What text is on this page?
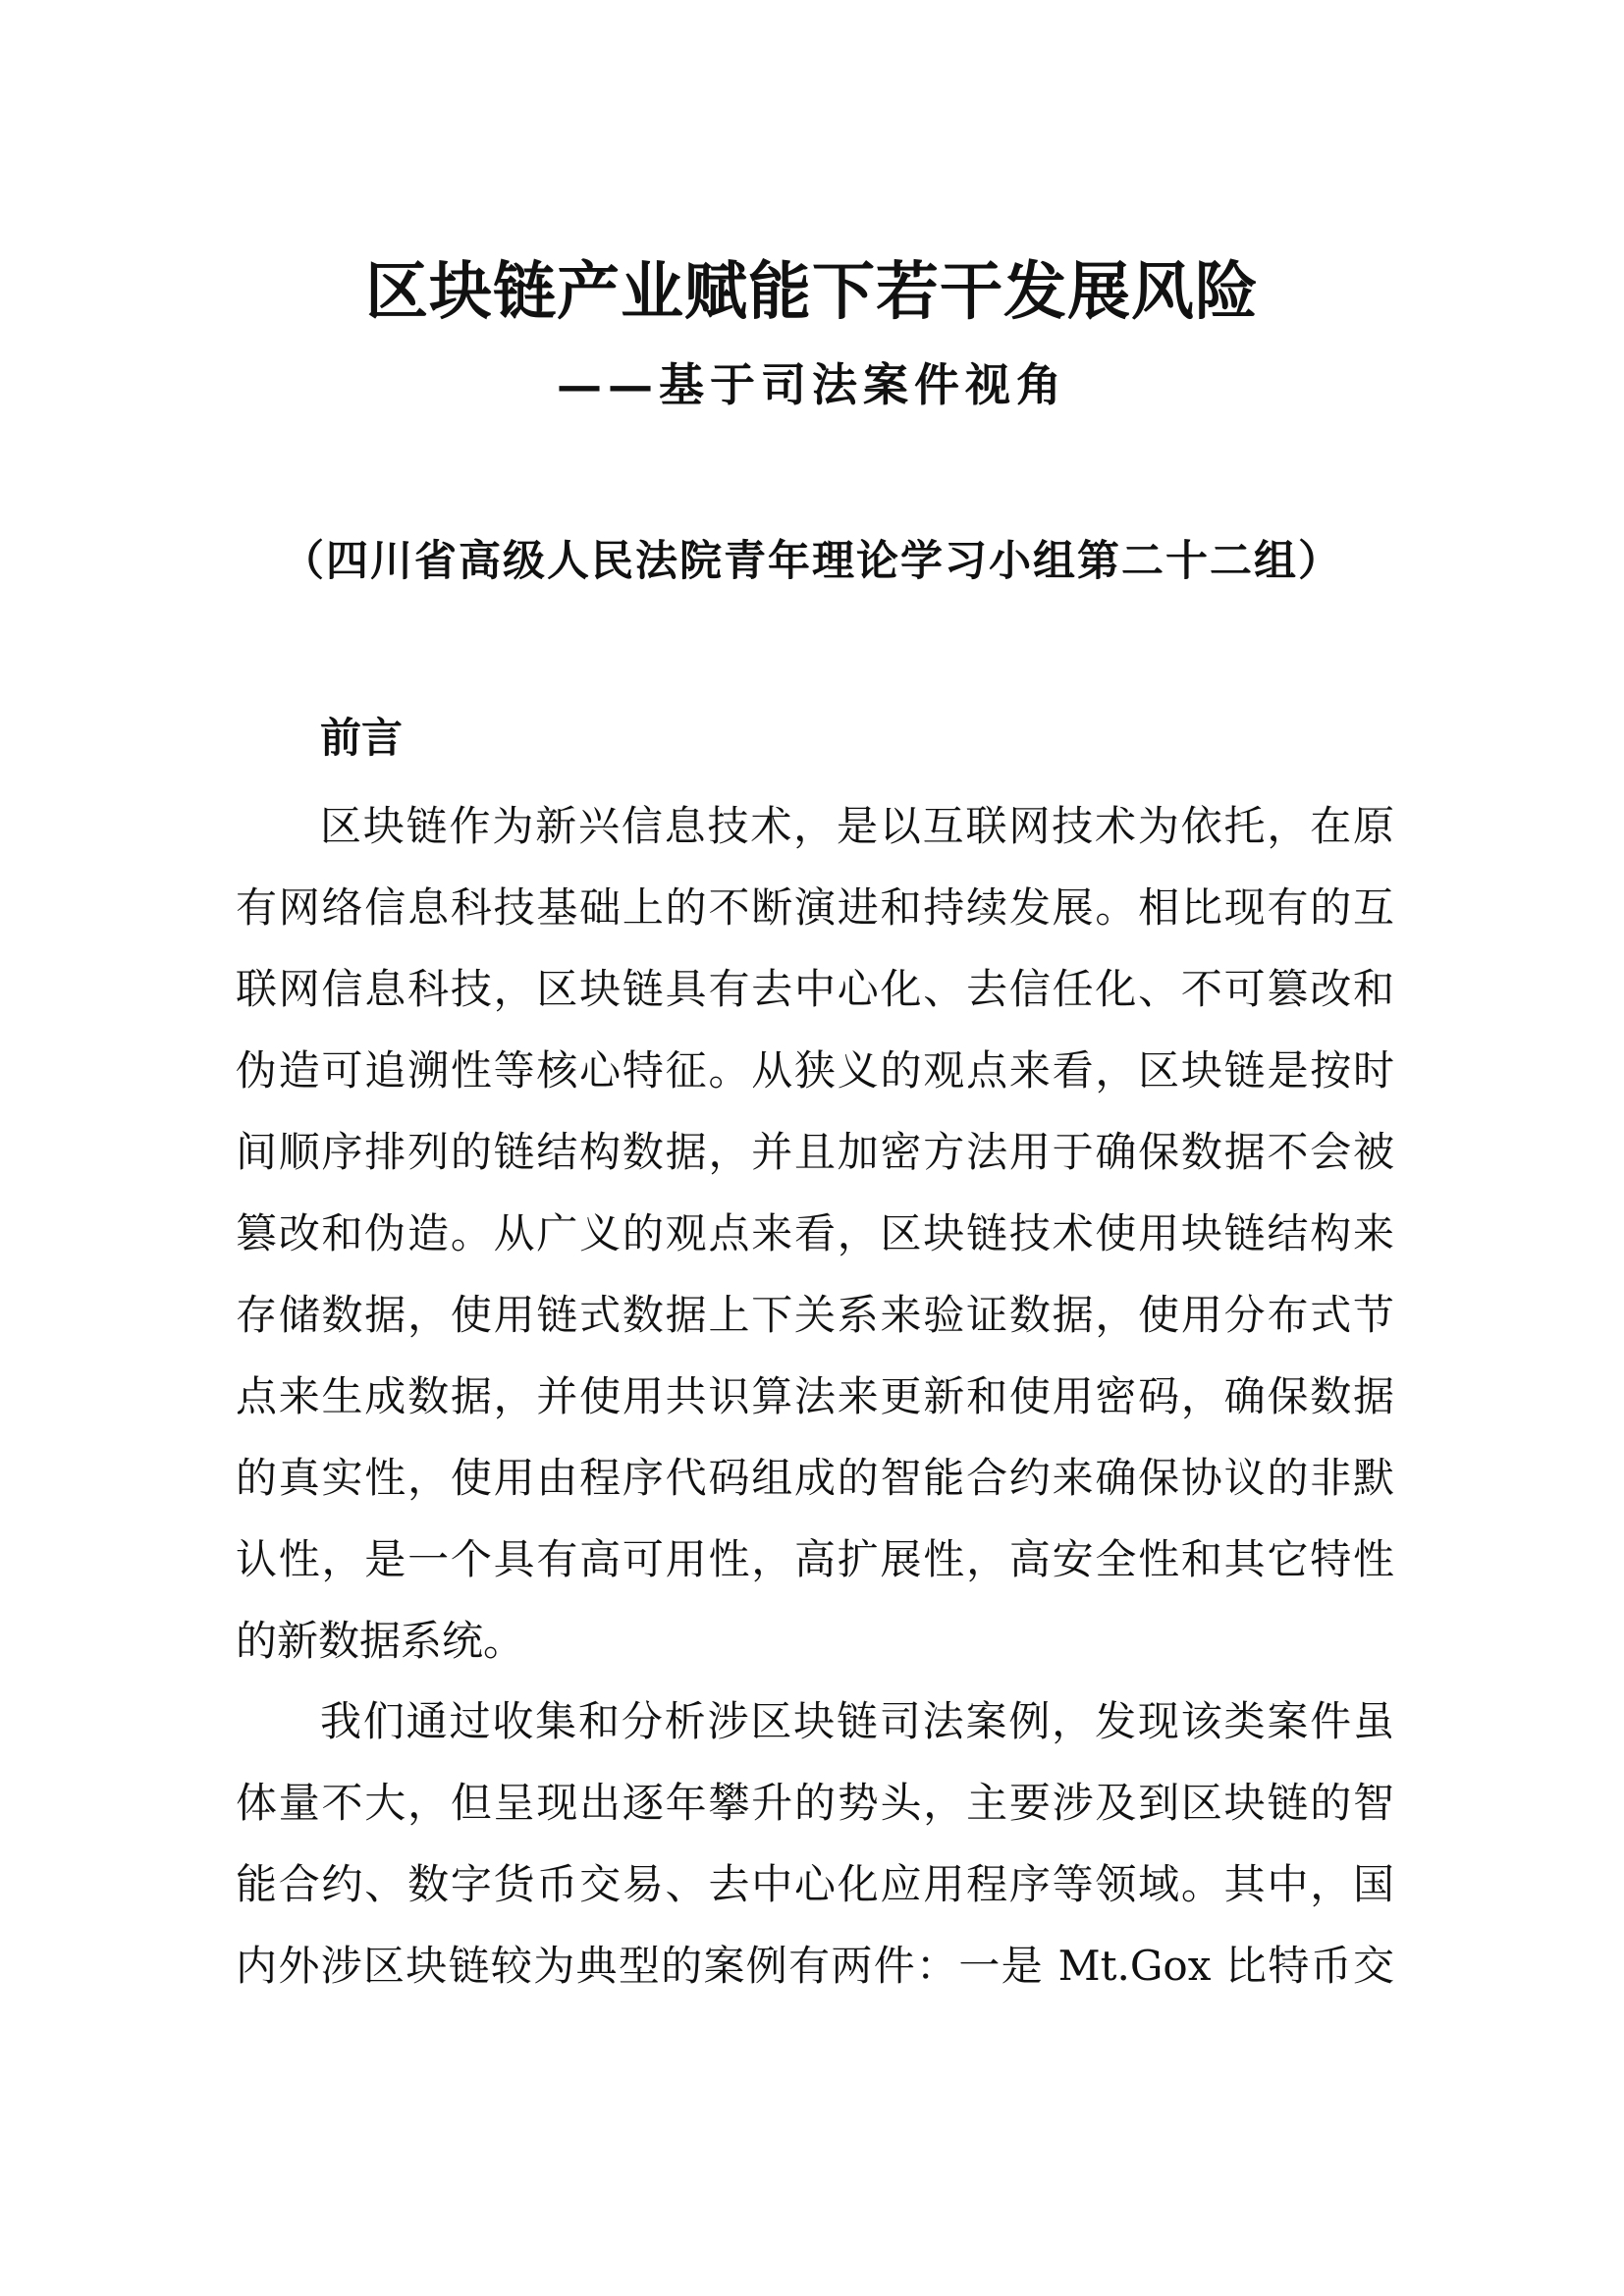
区块链产业赋能下若干发展风险
——基于司法案件视角

（四川省高级人民法院青年理论学习小组第二十二组）

前言
区块链作为新兴信息技术，是以互联网技术为依托，在原
有网络信息科技基础上的不断演进和持续发展。相比现有的互
联网信息科技，区块链具有去中心化、去信任化、不可篡改和
伪造可追溯性等核心特征。从狭义的观点来看，区块链是按时
间顺序排列的链结构数据，并且加密方法用于确保数据不会被
篡改和伪造。从广义的观点来看，区块链技术使用块链结构来
存储数据，使用链式数据上下关系来验证数据，使用分布式节
点来生成数据，并使用共识算法来更新和使用密码，确保数据
的真实性，使用由程序代码组成的智能合约来确保协议的非默
认性，是一个具有高可用性，高扩展性，高安全性和其它特性
的新数据系统。
我们通过收集和分析涉区块链司法案例，发现该类案件虽
体量不大，但呈现出逐年攀升的势头，主要涉及到区块链的智
能合约、数字货币交易、去中心化应用程序等领域。其中，国
内外涉区块链较为典型的案例有两件：一是 Mt.Gox 比特币交
